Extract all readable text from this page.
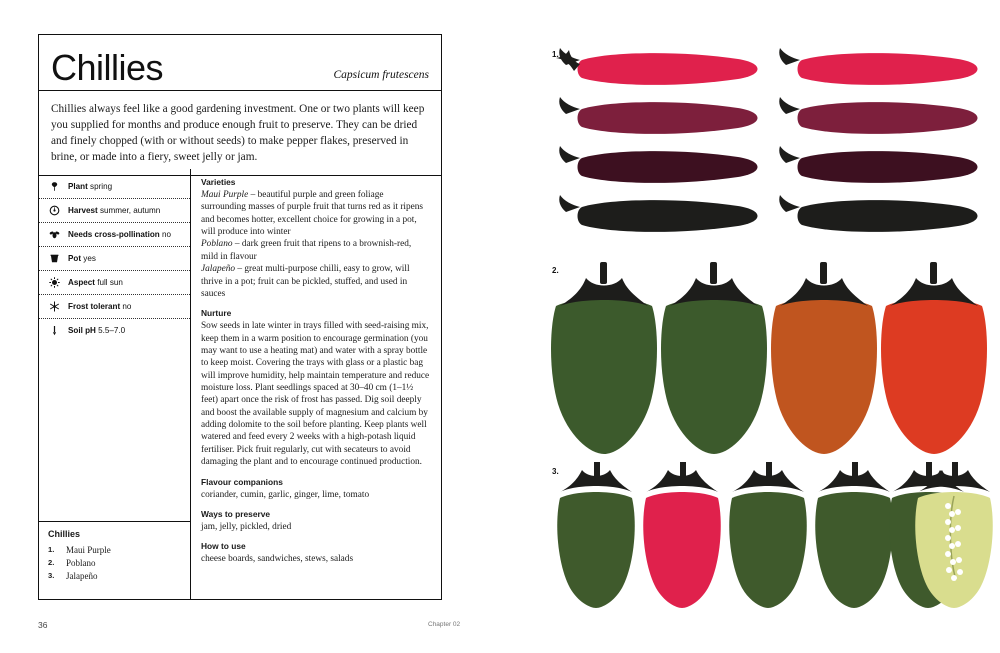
Chillies	Capsicum frutescens
Chillies always feel like a good gardening investment. One or two plants will keep you supplied for months and produce enough fruit to preserve. They can be dried and finely chopped (with or without seeds) to make pepper flakes, preserved in brine, or made into a fiery, sweet jelly or jam.
Plant spring
Harvest summer, autumn
Needs cross-pollination no
Pot yes
Aspect full sun
Frost tolerant no
Soil pH 5.5–7.0
Chillies
1.	Maui Purple
2.	Poblano
3.	Jalapeño
Varieties

Maui Purple – beautiful purple and green foliage surrounding masses of purple fruit that turns red as it ripens and becomes hotter, excellent choice for growing in a pot, will produce into winter
Poblano – dark green fruit that ripens to a brownish-red, mild in flavour
Jalapeño – great multi-purpose chilli, easy to grow, will thrive in a pot; fruit can be pickled, stuffed, and used in sauces

Nurture

Sow seeds in late winter in trays filled with seed-raising mix, keep them in a warm position to encourage germination (you may want to use a heating mat) and water with a spray bottle to keep moist. Covering the trays with glass or a plastic bag will improve humidity, help maintain temperature and reduce moisture loss. Plant seedlings spaced at 30–40 cm (1–1½ feet) apart once the risk of frost has passed. Dig soil deeply and boost the available supply of magnesium and calcium by adding dolomite to the soil before planting. Keep plants well watered and feed every 2 weeks with a high-potash liquid fertiliser. Pick fruit regularly, cut with secateurs to avoid damaging the plant and to encourage continued production.

Flavour companions

coriander, cumin, garlic, ginger, lime, tomato

Ways to preserve

jam, jelly, pickled, dried

How to use

cheese boards, sandwiches, stews, salads

36	Chapter 02
1.
2.
3.
